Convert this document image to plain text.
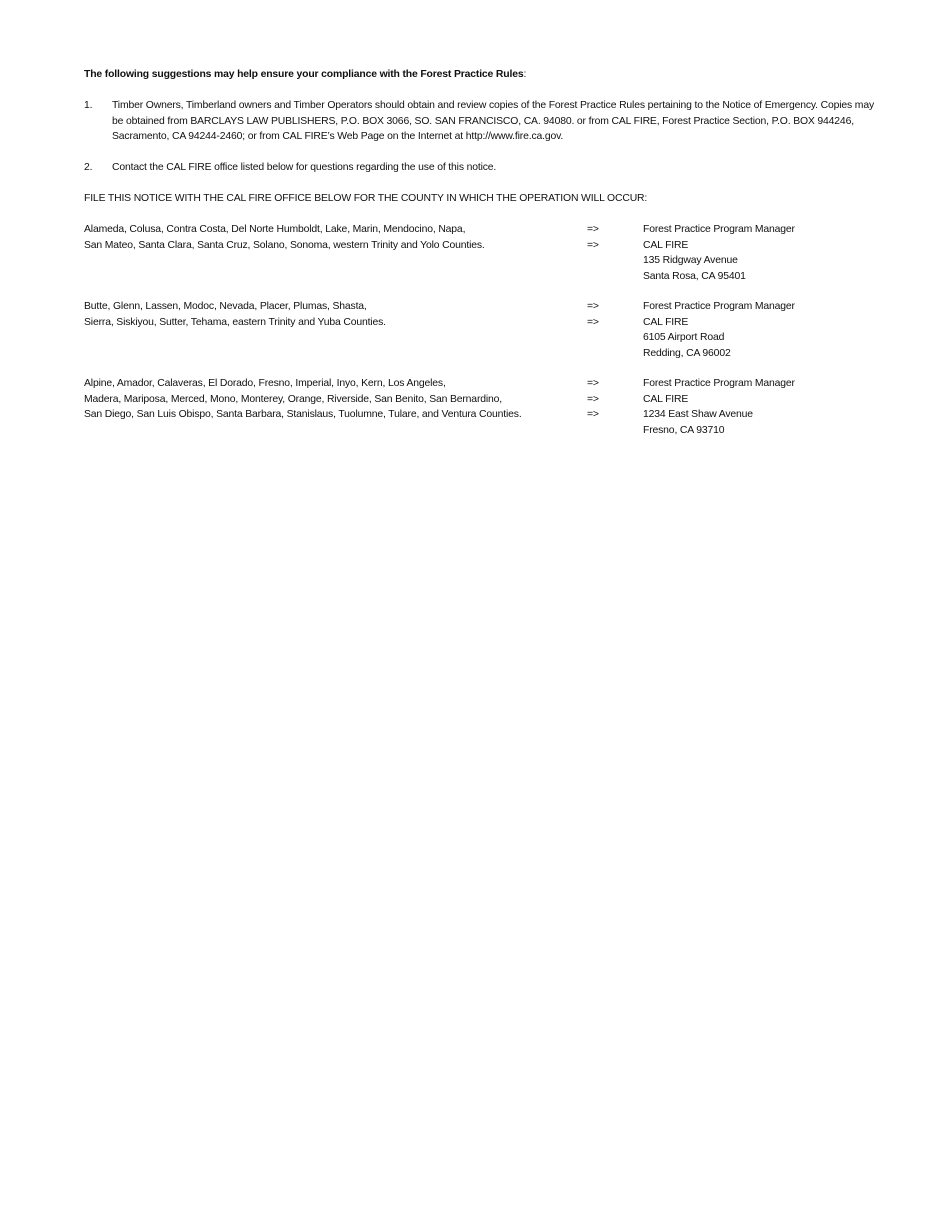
The following suggestions may help ensure your compliance with the Forest Practice Rules:

1.	Timber Owners, Timberland owners and Timber Operators should obtain and review copies of the Forest Practice Rules pertaining to the Notice of Emergency. Copies may
be obtained from BARCLAYS LAW PUBLISHERS, P.O. BOX 3066, SO. SAN FRANCISCO, CA. 94080. or from CAL FIRE, Forest Practice Section, P.O. BOX 944246,
Sacramento, CA 94244-2460; or from CAL FIRE’s Web Page on the Internet at http://www.fire.ca.gov.
2.	Contact the CAL FIRE office listed below for questions regarding the use of this notice.
FILE THIS NOTICE WITH THE CAL FIRE OFFICE BELOW FOR THE COUNTY IN WHICH THE OPERATION WILL OCCUR:
Alameda, Colusa, Contra Costa, Del Norte Humboldt, Lake, Marin, Mendocino, Napa,
San Mateo, Santa Clara, Santa Cruz, Solano, Sonoma, western Trinity and Yolo Counties.
=>
=>
Forest Practice Program Manager
CAL FIRE
135 Ridgway Avenue
Santa Rosa, CA 95401
Butte, Glenn, Lassen, Modoc, Nevada, Placer, Plumas, Shasta,
Sierra, Siskiyou, Sutter, Tehama, eastern Trinity and Yuba Counties.
=>
=>
Forest Practice Program Manager
CAL FIRE
6105 Airport Road
Redding, CA 96002
Alpine, Amador, Calaveras, El Dorado, Fresno, Imperial, Inyo, Kern, Los Angeles,
Madera, Mariposa, Merced, Mono, Monterey, Orange, Riverside, San Benito, San Bernardino,
San Diego, San Luis Obispo, Santa Barbara, Stanislaus, Tuolumne, Tulare, and Ventura Counties.
=>
=>
=>
Forest Practice Program Manager
CAL FIRE
1234 East Shaw Avenue
Fresno, CA 93710
